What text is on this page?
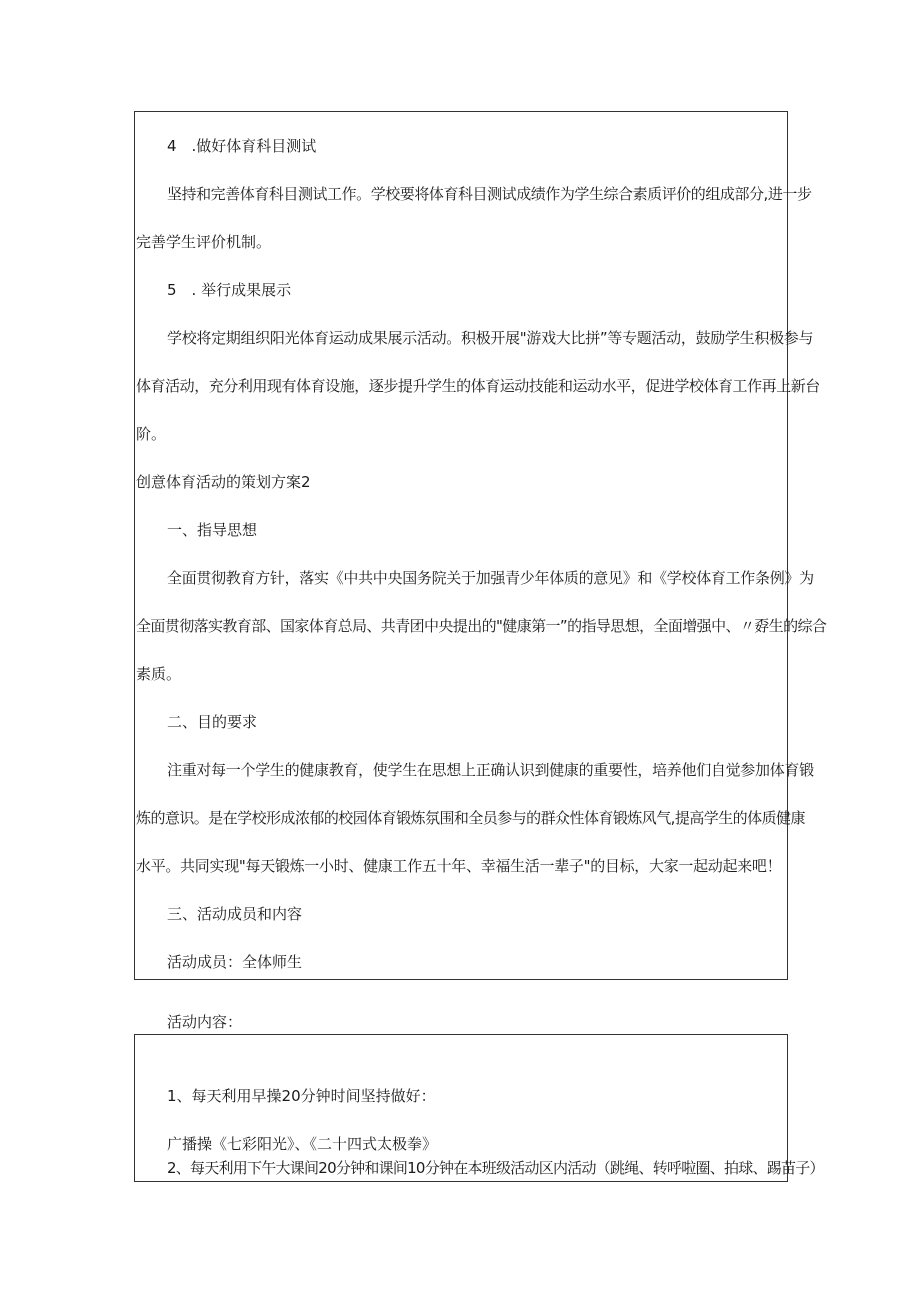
4　.做好体育科目测试
坚持和完善体育科目测试工作。学校要将体育科目测试成绩作为学生综合素质评价的组成部分,进一步
完善学生评价机制。
5　. 举行成果展示
学校将定期组织阳光体育运动成果展示活动。积极开展"游戏大比拼”等专题活动，鼓励学生积极参与
体育活动，充分利用现有体育设施，逐步提升学生的体育运动技能和运动水平，促进学校体育工作再上新台
阶。
创意体育活动的策划方案2
一、指导思想
全面贯彻教育方针，落实《中共中央国务院关于加强青少年体质的意见》和《学校体育工作条例》为
全面贯彻落实教育部、国家体育总局、共青团中央提出的"健康第一”的指导思想，全面增强中、〃孬生的综合
素质。
二、目的要求
注重对每一个学生的健康教育，使学生在思想上正确认识到健康的重要性，培养他们自觉参加体育锻
炼的意识。是在学校形成浓郁的校园体育锻炼氛围和全员参与的群众性体育锻炼风气,提高学生的体质健康
水平。共同实现"每天锻炼一小时、健康工作五十年、幸福生活一辈子"的目标，大家一起动起来吧！
三、活动成员和内容
活动成员：全体师生
活动内容：
1、每天利用早操20分钟时间坚持做好：
广播操《七彩阳光》、《二十四式太极拳》
2、每天利用下午大课间20分钟和课间10分钟在本班级活动区内活动（跳绳、转呼啦圈、拍球、踢苗子）
